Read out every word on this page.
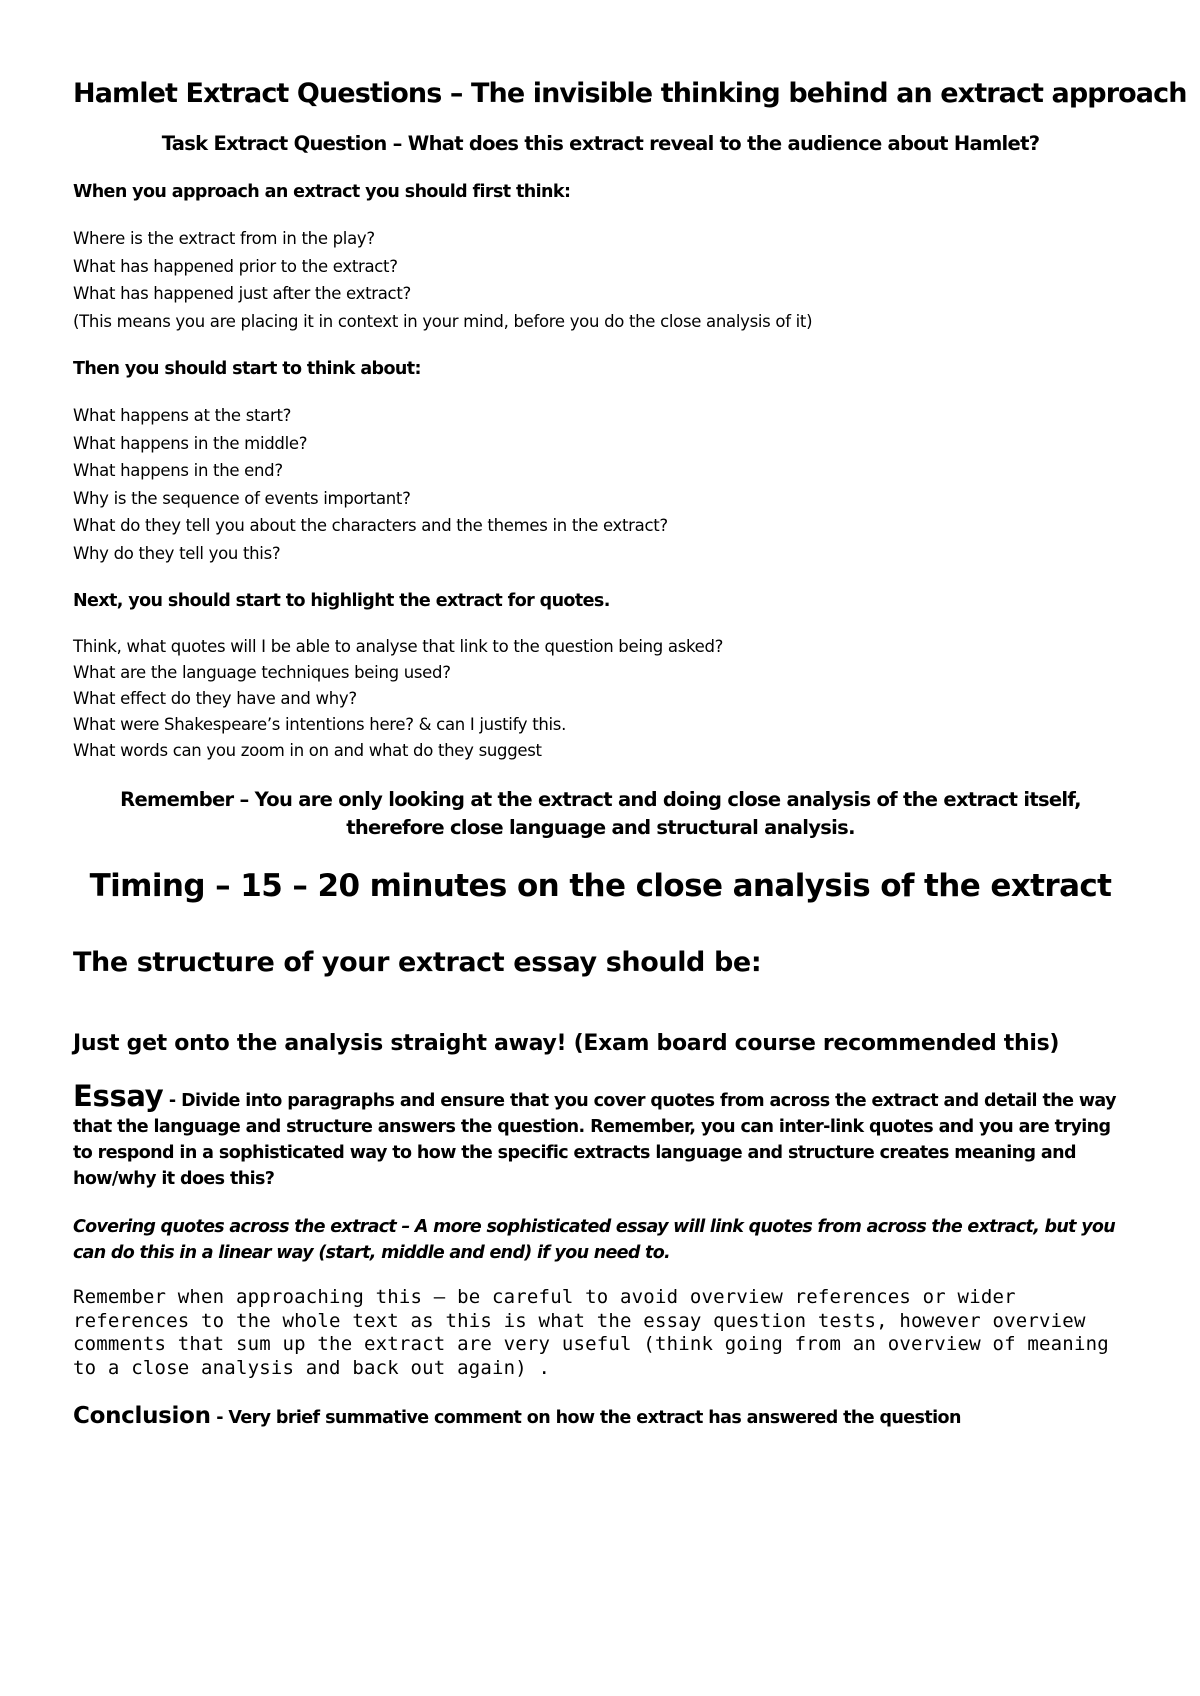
Hamlet Extract Questions – The invisible thinking behind an extract approach

Task Extract Question – What does this extract reveal to the audience about Hamlet?

When you approach an extract you should first think:

Where is the extract from in the play?
What has happened prior to the extract?
What has happened just after the extract?
(This means you are placing it in context in your mind, before you do the close analysis of it)

Then you should start to think about:

What happens at the start?
What happens in the middle?
What happens in the end?
Why is the sequence of events important?
What do they tell you about the characters and the themes in the extract?
Why do they tell you this?

Next, you should start to highlight the extract for quotes.

Think, what quotes will I be able to analyse that link to the question being asked?
What are the language techniques being used?
What effect do they have and why?
What were Shakespeare’s intentions here? & can I justify this.
What words can you zoom in on and what do they suggest

Remember – You are only looking at the extract and doing close analysis of the extract itself, therefore close language and structural analysis.

Timing – 15 – 20 minutes on the close analysis of the extract

The structure of your extract essay should be:

Just get onto the analysis straight away! (Exam board course recommended this)

Essay - Divide into paragraphs and ensure that you cover quotes from across the extract and detail the way that the language and structure answers the question. Remember, you can inter-link quotes and you are trying to respond in a sophisticated way to how the specific extracts language and structure creates meaning and how/why it does this?

Covering quotes across the extract – A more sophisticated essay will link quotes from across the extract, but you can do this in a linear way (start, middle and end) if you need to.

Remember when approaching this – be careful to avoid overview references or wider references to the whole text as this is what the essay question tests, however overview comments that sum up the extract are very useful (think going from an overview of meaning to a close analysis and back out again) .

Conclusion - Very brief summative comment on how the extract has answered the question
